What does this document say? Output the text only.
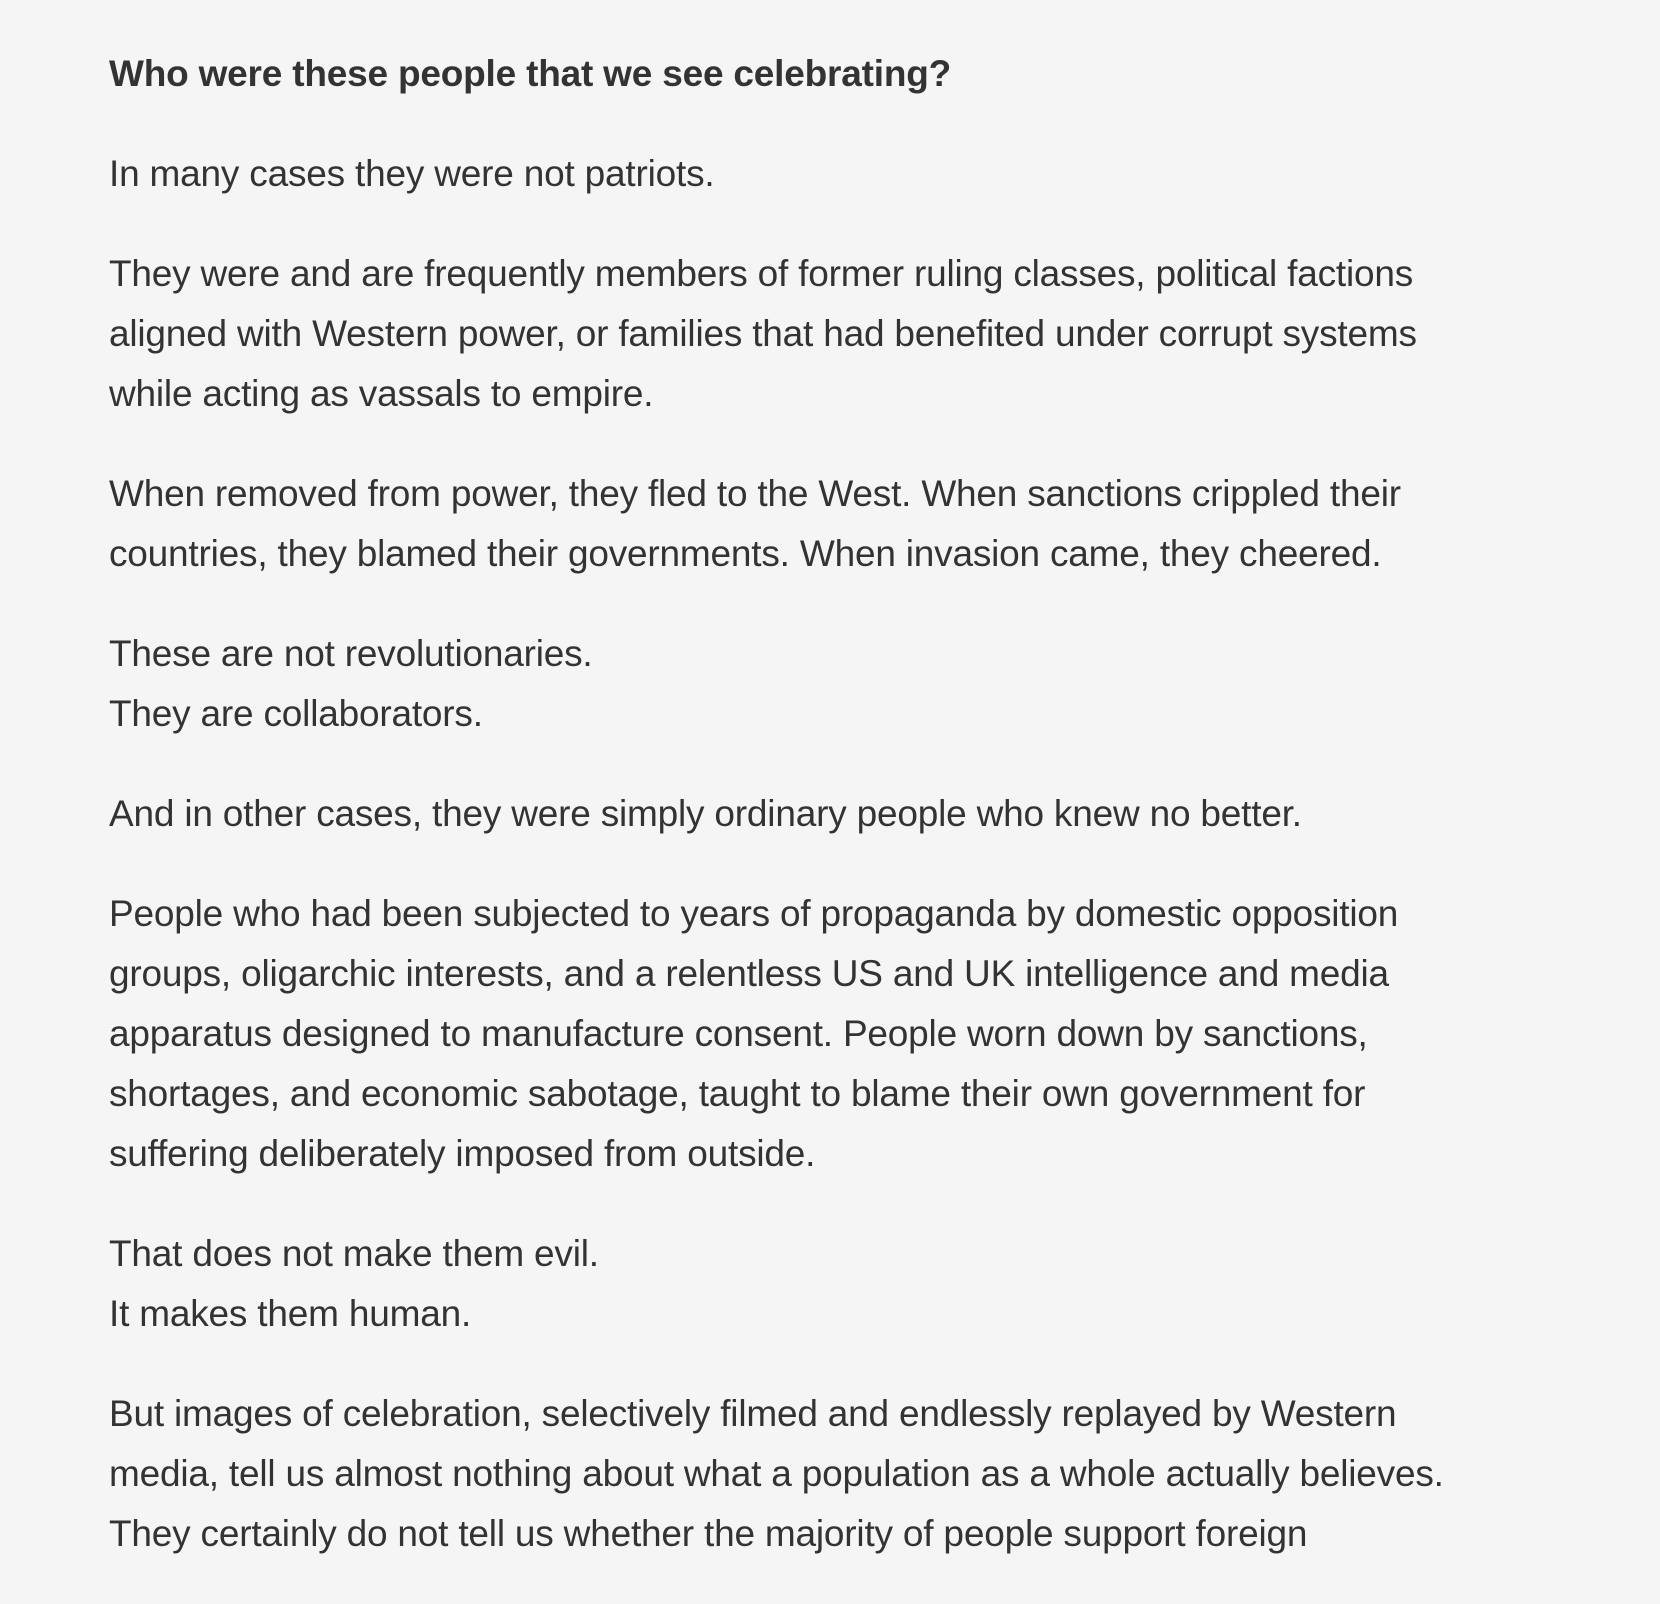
Who were these people that we see celebrating?
In many cases they were not patriots.
They were and are frequently members of former ruling classes, political factions
aligned with Western power, or families that had benefited under corrupt systems
while acting as vassals to empire.
When removed from power, they fled to the West. When sanctions crippled their
countries, they blamed their governments. When invasion came, they cheered.
These are not revolutionaries.
They are collaborators.
And in other cases, they were simply ordinary people who knew no better.
People who had been subjected to years of propaganda by domestic opposition
groups, oligarchic interests, and a relentless US and UK intelligence and media
apparatus designed to manufacture consent. People worn down by sanctions,
shortages, and economic sabotage, taught to blame their own government for
suffering deliberately imposed from outside.
That does not make them evil.
It makes them human.
But images of celebration, selectively filmed and endlessly replayed by Western
media, tell us almost nothing about what a population as a whole actually believes.
They certainly do not tell us whether the majority of people support foreign
